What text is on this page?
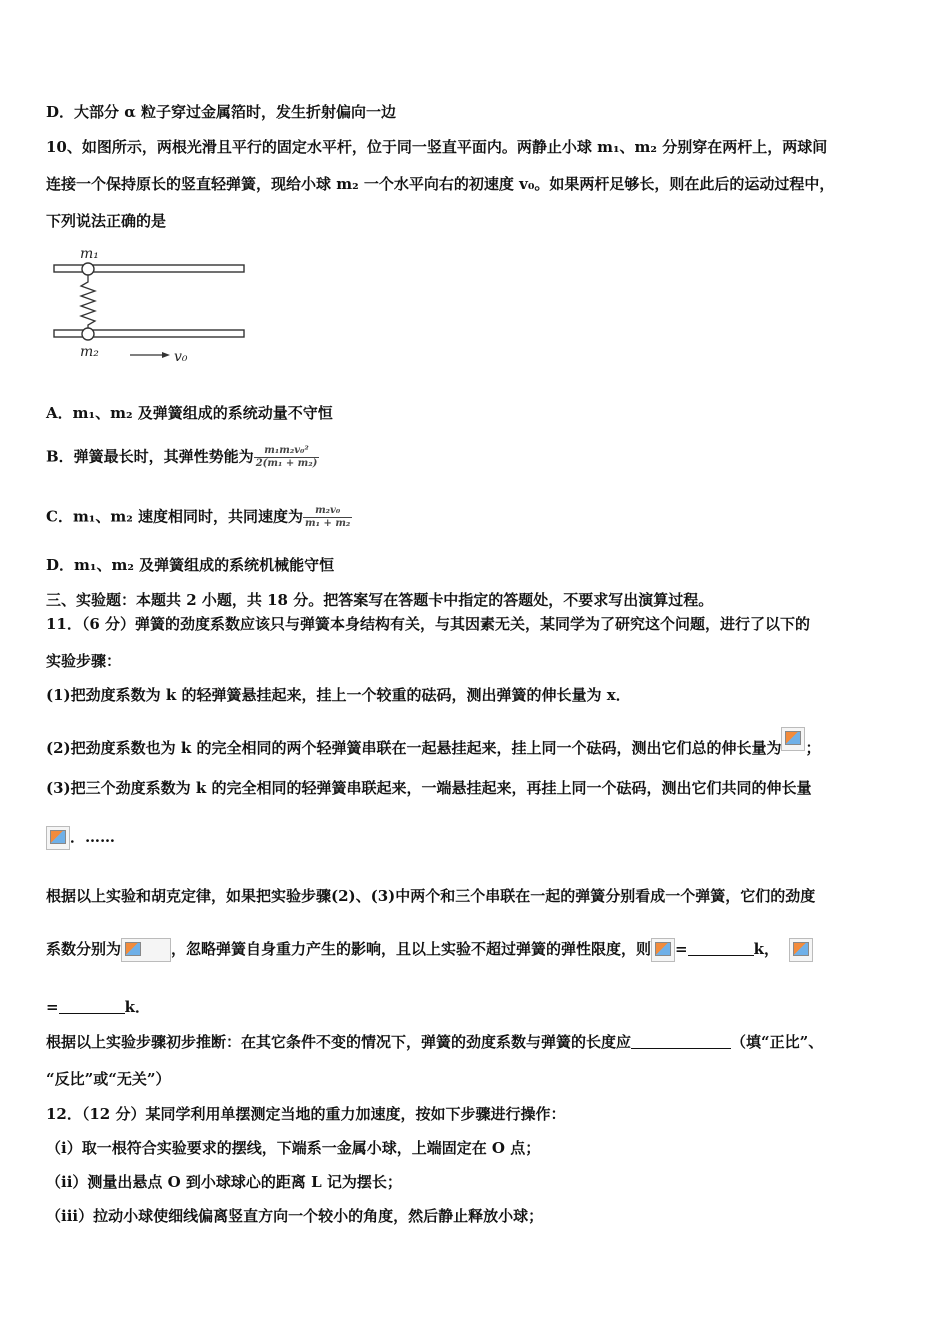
D．大部分 α 粒子穿过金属箔时，发生折射偏向一边
10、如图所示，两根光滑且平行的固定水平杆，位于同一竖直平面内。两静止小球 m₁、m₂ 分别穿在两杆上，两球间
连接一个保持原长的竖直轻弹簧，现给小球 m₂ 一个水平向右的初速度 v₀。如果两杆足够长，则在此后的运动过程中，
下列说法正确的是
m₁
m₂	v₀
A．m₁、m₂ 及弹簧组成的系统动量不守恒
B．弹簧最长时，其弹性势能为 $\frac{\text{m₁m₂v₀²}}{\text{2(m₁ + m₂)}}$
C．m₁、m₂ 速度相同时，共同速度为 $\frac{\text{m₂v₀}}{\text{m₁ + m₂}}$
D．m₁、m₂ 及弹簧组成的系统机械能守恒
三、实验题：本题共 2 小题，共 18 分。把答案写在答题卡中指定的答题处，不要求写出演算过程。
11．（6 分）弹簧的劲度系数应该只与弹簧本身结构有关，与其因素无关，某同学为了研究这个问题，进行了以下的
实验步骤：
(1)把劲度系数为 k 的轻弹簧悬挂起来，挂上一个较重的砝码，测出弹簧的伸长量为 x．
(2)把劲度系数也为 k 的完全相同的两个轻弹簧串联在一起悬挂起来，挂上同一个砝码，测出它们总的伸长量为 ；
(3)把三个劲度系数为 k 的完全相同的轻弹簧串联起来，一端悬挂起来，再挂上同一个砝码，测出它们共同的伸长量
．……
根据以上实验和胡克定律，如果把实验步骤(2)、(3)中两个和三个串联在一起的弹簧分别看成一个弹簧，它们的劲度
系数分别为	，忽略弹簧自身重力产生的影响，且以上实验不超过弹簧的弹性限度，则 =	k，
=	k．
根据以上实验步骤初步推断：在其它条件不变的情况下，弹簧的劲度系数与弹簧的长度应	（填“正比”、
“反比”或“无关”）
12．（12 分）某同学利用单摆测定当地的重力加速度，按如下步骤进行操作：
（i）取一根符合实验要求的摆线，下端系一金属小球，上端固定在 O 点；
（ii）测量出悬点 O 到小球球心的距离 L 记为摆长；
（iii）拉动小球使细线偏离竖直方向一个较小的角度，然后静止释放小球；
